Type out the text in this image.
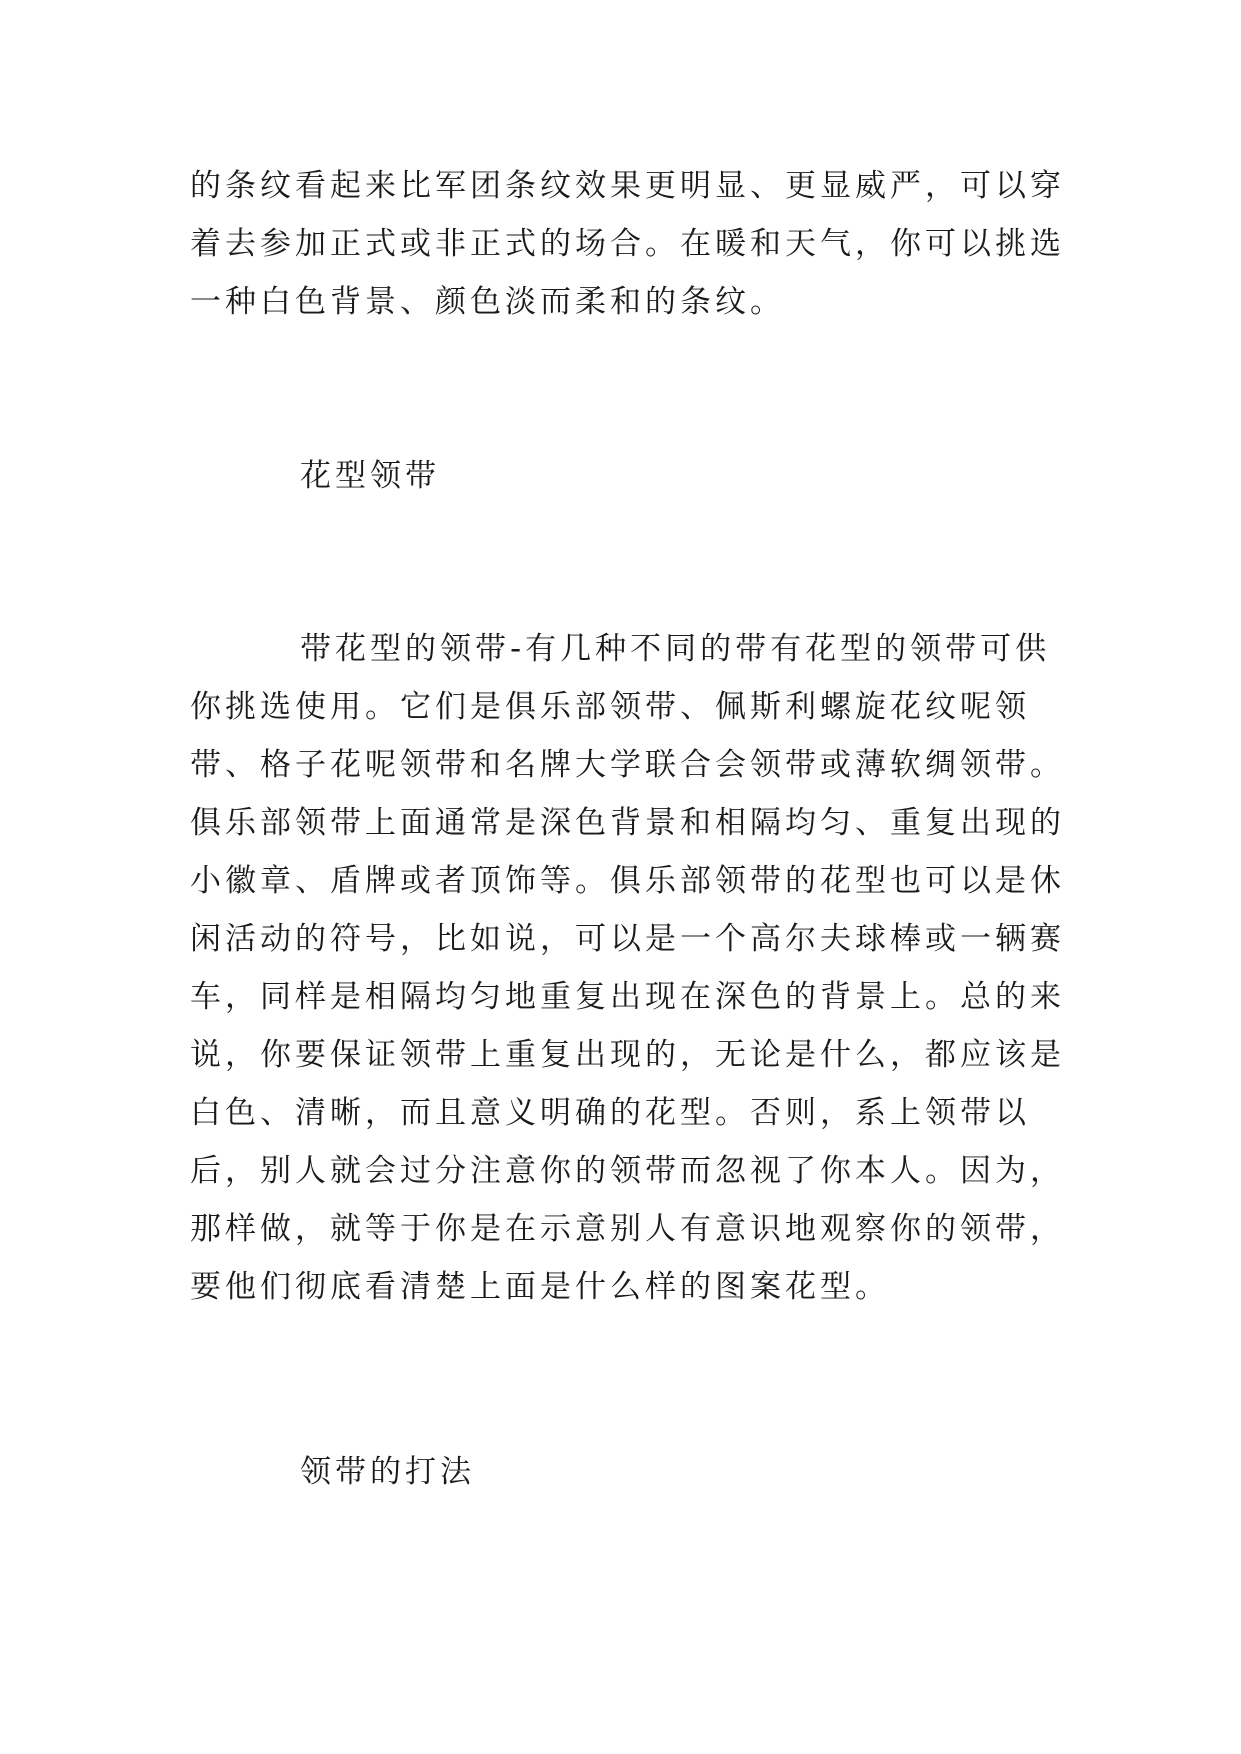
的条纹看起来比军团条纹效果更明显、更显威严，可以穿着去参加正式或非正式的场合。在暖和天气，你可以挑选一种白色背景、颜色淡而柔和的条纹。

花型领带

带花型的领带-有几种不同的带有花型的领带可供你挑选使用。它们是俱乐部领带、佩斯利螺旋花纹呢领带、格子花呢领带和名牌大学联合会领带或薄软绸领带。俱乐部领带上面通常是深色背景和相隔均匀、重复出现的小徽章、盾牌或者顶饰等。俱乐部领带的花型也可以是休闲活动的符号，比如说，可以是一个高尔夫球棒或一辆赛车，同样是相隔均匀地重复出现在深色的背景上。总的来说，你要保证领带上重复出现的，无论是什么，都应该是白色、清晰，而且意义明确的花型。否则，系上领带以后，别人就会过分注意你的领带而忽视了你本人。因为，那样做，就等于你是在示意别人有意识地观察你的领带，要他们彻底看清楚上面是什么样的图案花型。

领带的打法
